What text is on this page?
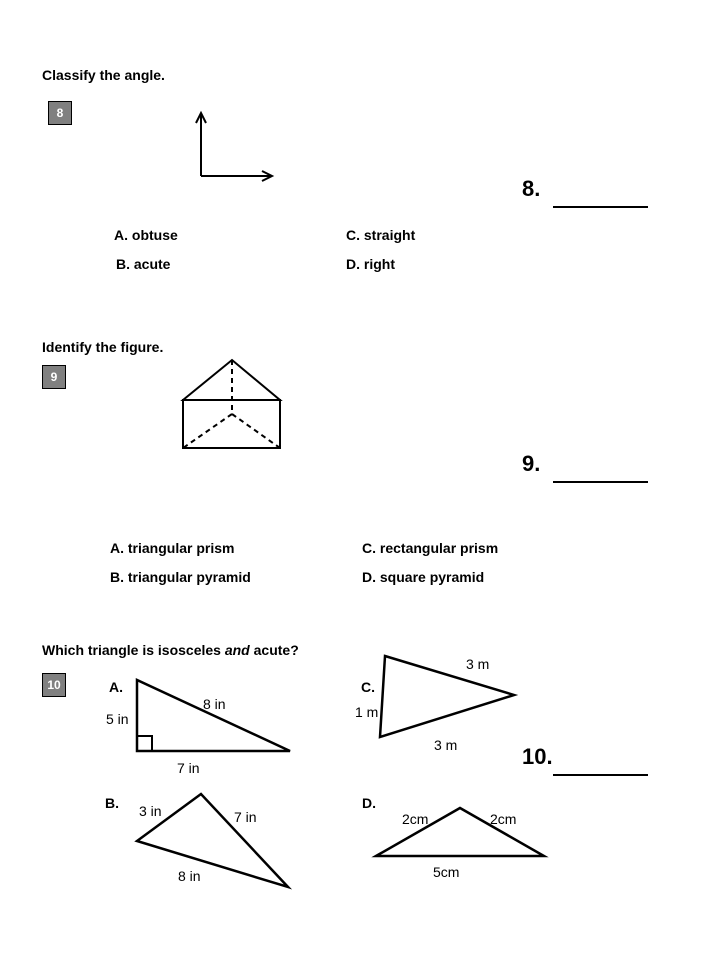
Classify the angle.
8
A. obtuse
B. acute
C. straight
D. right
8.
Identify the figure.
9
A. triangular prism
B. triangular pyramid
C. rectangular prism
D. square pyramid
9.
Which triangle is isosceles and acute?
10	A.
5 in
8 in
7 in
B. 3 in	7 in
8 in
C.
3 m
1 m
3 m
D.
2cm	2cm
5cm
10.
